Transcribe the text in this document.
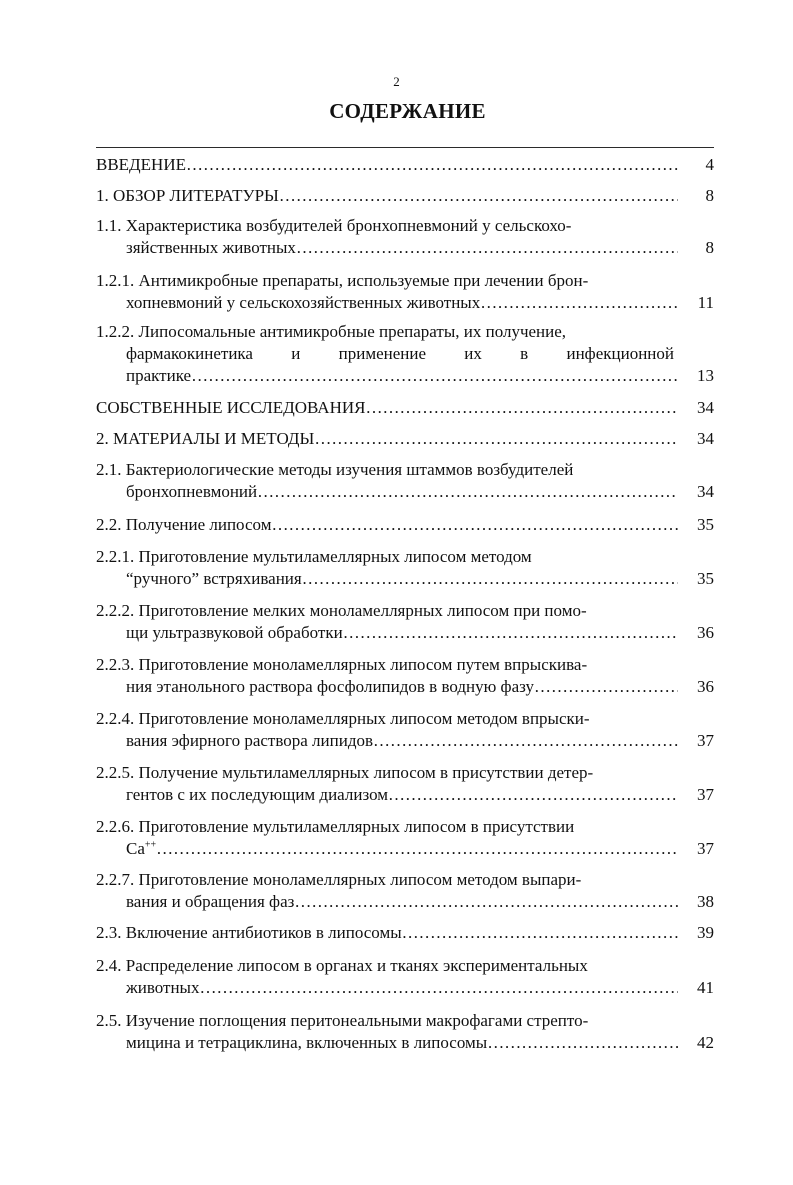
2
СОДЕРЖАНИЕ
ВВЕДЕНИЕ ………………………………………………………………………………………………………………………………………………	4
1. ОБЗОР ЛИТЕРАТУРЫ ………………………………………………………………………………………………………………………………………………	8
1.1. Характеристика возбудителей бронхопневмоний у сельскохо-
зяйственных животных ………………………………………………………………………………………………………………………………………………	8
1.2.1. Антимикробные препараты, используемые при лечении брон-
хопневмоний у сельскохозяйственных животных ………………………………………………………………………………………………………………………………………………	11
1.2.2. Липосомальные антимикробные препараты, их получение,
фармакокинетика и применение их в инфекционной
практике ………………………………………………………………………………………………………………………………………………	13
СОБСТВЕННЫЕ ИССЛЕДОВАНИЯ ………………………………………………………………………………………………………………………………………………	34
2. МАТЕРИАЛЫ И МЕТОДЫ ………………………………………………………………………………………………………………………………………………	34
2.1. Бактериологические методы изучения штаммов возбудителей
бронхопневмоний ………………………………………………………………………………………………………………………………………………	34
2.2. Получение липосом ………………………………………………………………………………………………………………………………………………	35
2.2.1. Приготовление мультиламеллярных липосом методом
“ручного” встряхивания ………………………………………………………………………………………………………………………………………………	35
2.2.2. Приготовление мелких моноламеллярных липосом при помо-
щи ультразвуковой обработки ………………………………………………………………………………………………………………………………………………	36
2.2.3. Приготовление моноламеллярных липосом путем впрыскива-
ния этанольного раствора фосфолипидов в водную фазу ………………………………………………………………………………………………………………………………………………	36
2.2.4. Приготовление моноламеллярных липосом методом впрыски-
вания эфирного раствора липидов ………………………………………………………………………………………………………………………………………………	37
2.2.5. Получение мультиламеллярных липосом в присутствии детер-
гентов с их последующим диализом ………………………………………………………………………………………………………………………………………………	37
2.2.6. Приготовление мультиламеллярных липосом в присутствии
Ca++ ………………………………………………………………………………………………………………………………………………	37
2.2.7. Приготовление моноламеллярных липосом методом выпари-
вания и обращения фаз ………………………………………………………………………………………………………………………………………………	38
2.3. Включение антибиотиков в липосомы ………………………………………………………………………………………………………………………………………………	39
2.4. Распределение липосом в органах и тканях экспериментальных
животных ………………………………………………………………………………………………………………………………………………	41
2.5. Изучение поглощения перитонеальными макрофагами стрепто-
мицина и тетрациклина, включенных в липосомы ………………………………………………………………………………………………………………………………………………	42
